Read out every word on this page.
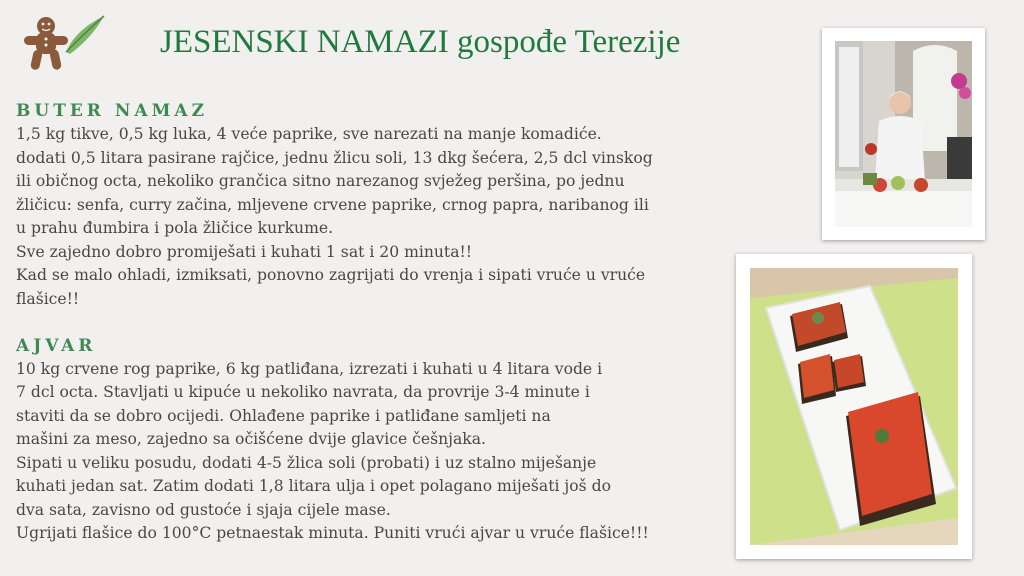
JESENSKI NAMAZI gospođe Terezije

BUTER NAMAZ

1,5 kg tikve, 0,5 kg luka, 4 veće paprike, sve narezati na manje komadiće.

dodati 0,5 litara pasirane rajčice, jednu žlicu soli, 13 dkg šećera, 2,5 dcl vinskog

ili običnog octa, nekoliko grančica sitno narezanog svježeg peršina, po jednu

žličicu: senfa, curry začina, mljevene crvene paprike, crnog papra, naribanog ili

u prahu đumbira i pola žličice kurkume.

Sve zajedno dobro promiješati i kuhati 1 sat i 20 minuta!!

Kad se malo ohladi, izmiksati, ponovno zagrijati do vrenja i sipati vruće u vruće

flašice!!

AJVAR

10 kg crvene rog paprike, 6 kg patliđana, izrezati i kuhati u 4 litara vode i

7 dcl octa. Stavljati u kipuće u nekoliko navrata, da provrije 3-4 minute i

staviti da se dobro ocijedi. Ohlađene paprike i patliđane samljeti na

mašini za meso, zajedno sa očišćene dvije glavice češnjaka.

Sipati u veliku posudu, dodati 4-5 žlica soli (probati) i uz stalno miješanje

kuhati jedan sat. Zatim dodati 1,8 litara ulja i opet polagano miješati još do

dva sata, zavisno od gustoće i sjaja cijele mase.

Ugrijati flašice do 100°C petnaestak minuta. Puniti vrući ajvar u vruće flašice!!!
